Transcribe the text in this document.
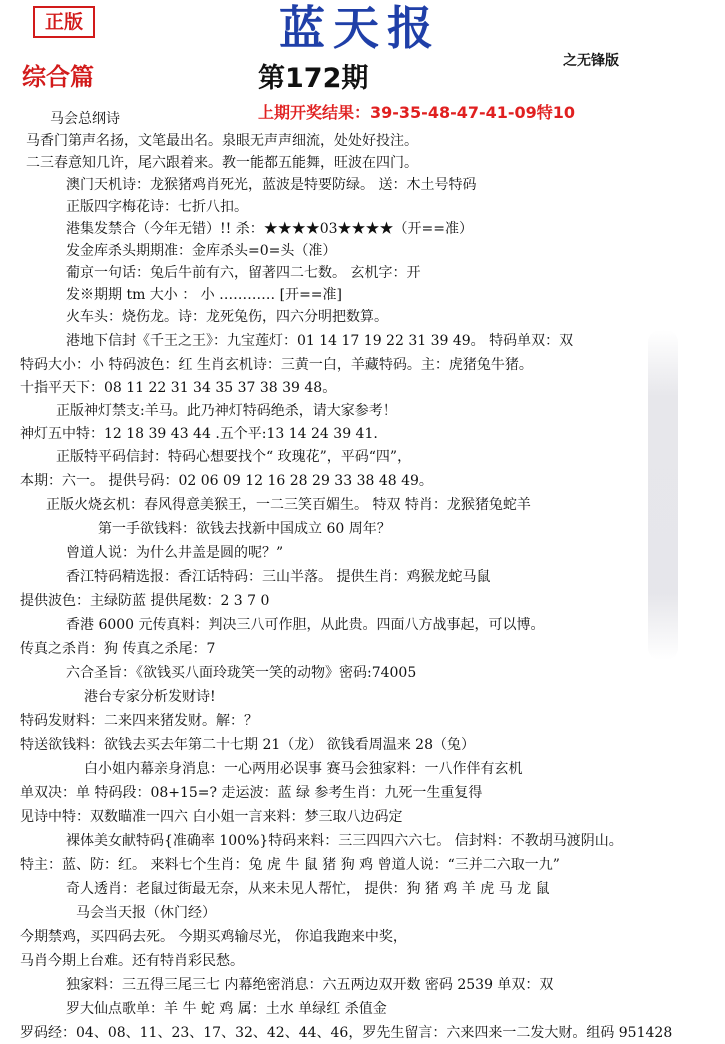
正版	蓝天报
之无锋版
综合篇	第172期
上期开奖结果：39-35-48-47-41-09特10
马会总纲诗
马香门第声名扬，文笔最出名。泉眼无声声细流，处处好投注。
二三春意知几许，尾六跟着来。教一能都五能舞，旺波在四门。
澳门天机诗：龙猴猪鸡肖死光，蓝波是特要防绿。 送：木土号特码
正版四字梅花诗：七折八扣。
港集发禁合（今年无错）!! 杀：★★★★03★★★★（开==准）
发金库杀头期期准：金库杀头=0=头（准）
葡京一句话：兔后牛前有六，留著四二七数。 玄机字：开
发※期期 tm 大小 ： 小 ………… [开==准]
火车头：烧伤龙。诗：龙死兔伤，四六分明把数算。
港地下信封《千王之王》：九宝莲灯：01 14 17 19 22 31 39 49。 特码单双：双
特码大小：小 特码波色：红 生肖玄机诗：三黄一白，羊藏特码。主：虎猪兔牛猪。
十指平天下：08 11 22 31 34 35 37 38 39 48。
正版神灯禁支:羊马。此乃神灯特码绝杀，请大家参考！
神灯五中特：12 18 39 43 44 .五个平:13 14 24 39 41.
正版特平码信封：特码心想要找个“ 玫瑰花”，平码“四”，
本期：六一。 提供号码：02 06 09 12 16 28 29 33 38 48 49。
正版火烧玄机：春风得意美猴王，一二三笑百媚生。 特双 特肖：龙猴猪兔蛇羊
第一手欲钱料：欲钱去找新中国成立 60 周年？
曾道人说：为什么井盖是圆的呢？”
香江特码精选报：香江话特码：三山半落。 提供生肖：鸡猴龙蛇马鼠
提供波色：主绿防蓝 提供尾数：2 3 7 0
香港 6000 元传真料：判决三八可作胆，从此贵。四面八方战事起，可以博。
传真之杀肖：狗 传真之杀尾：7
六合圣旨：《欲钱买八面玲珑笑一笑的动物》密码:74005
港台专家分析发财诗!
特码发财料：二来四来猪发财。解：？
特送欲钱料：欲钱去买去年第二十七期 21（龙） 欲钱看周温来 28（兔）
白小姐内幕亲身消息：一心两用必误事 赛马会独家料：一八作伴有玄机
单双决：单 特码段：08+15=? 走运波：蓝 绿 参考生肖：九死一生重复得
见诗中特：双数瞄准一四六 白小姐一言来料：梦三取八边码定
裸体美女献特码{准确率 100%}特码来料：三三四四六六七。 信封料：不教胡马渡阴山。
特主：蓝、防：红。 来料七个生肖：兔 虎 牛 鼠 猪 狗 鸡 曾道人说：“三并二六取一九”
奇人透肖：老鼠过街最无奈，从来未见人帮忙， 提供：狗 猪 鸡 羊 虎 马 龙 鼠
马会当天报（休门经）
今期禁鸡，买四码去死。 今期买鸡输尽光， 你追我跑来中奖，
马肖今期上台难。还有特肖彩民愁。
独家料：三五得三尾三七 内幕绝密消息：六五两边双开数 密码 2539 单双：双
罗大仙点歌单：羊 牛 蛇 鸡 属：土水 单绿红 杀值金
罗码经：04、08、11、23、17、32、42、44、46，罗先生留言：六来四来一二发大财。组码 951428
